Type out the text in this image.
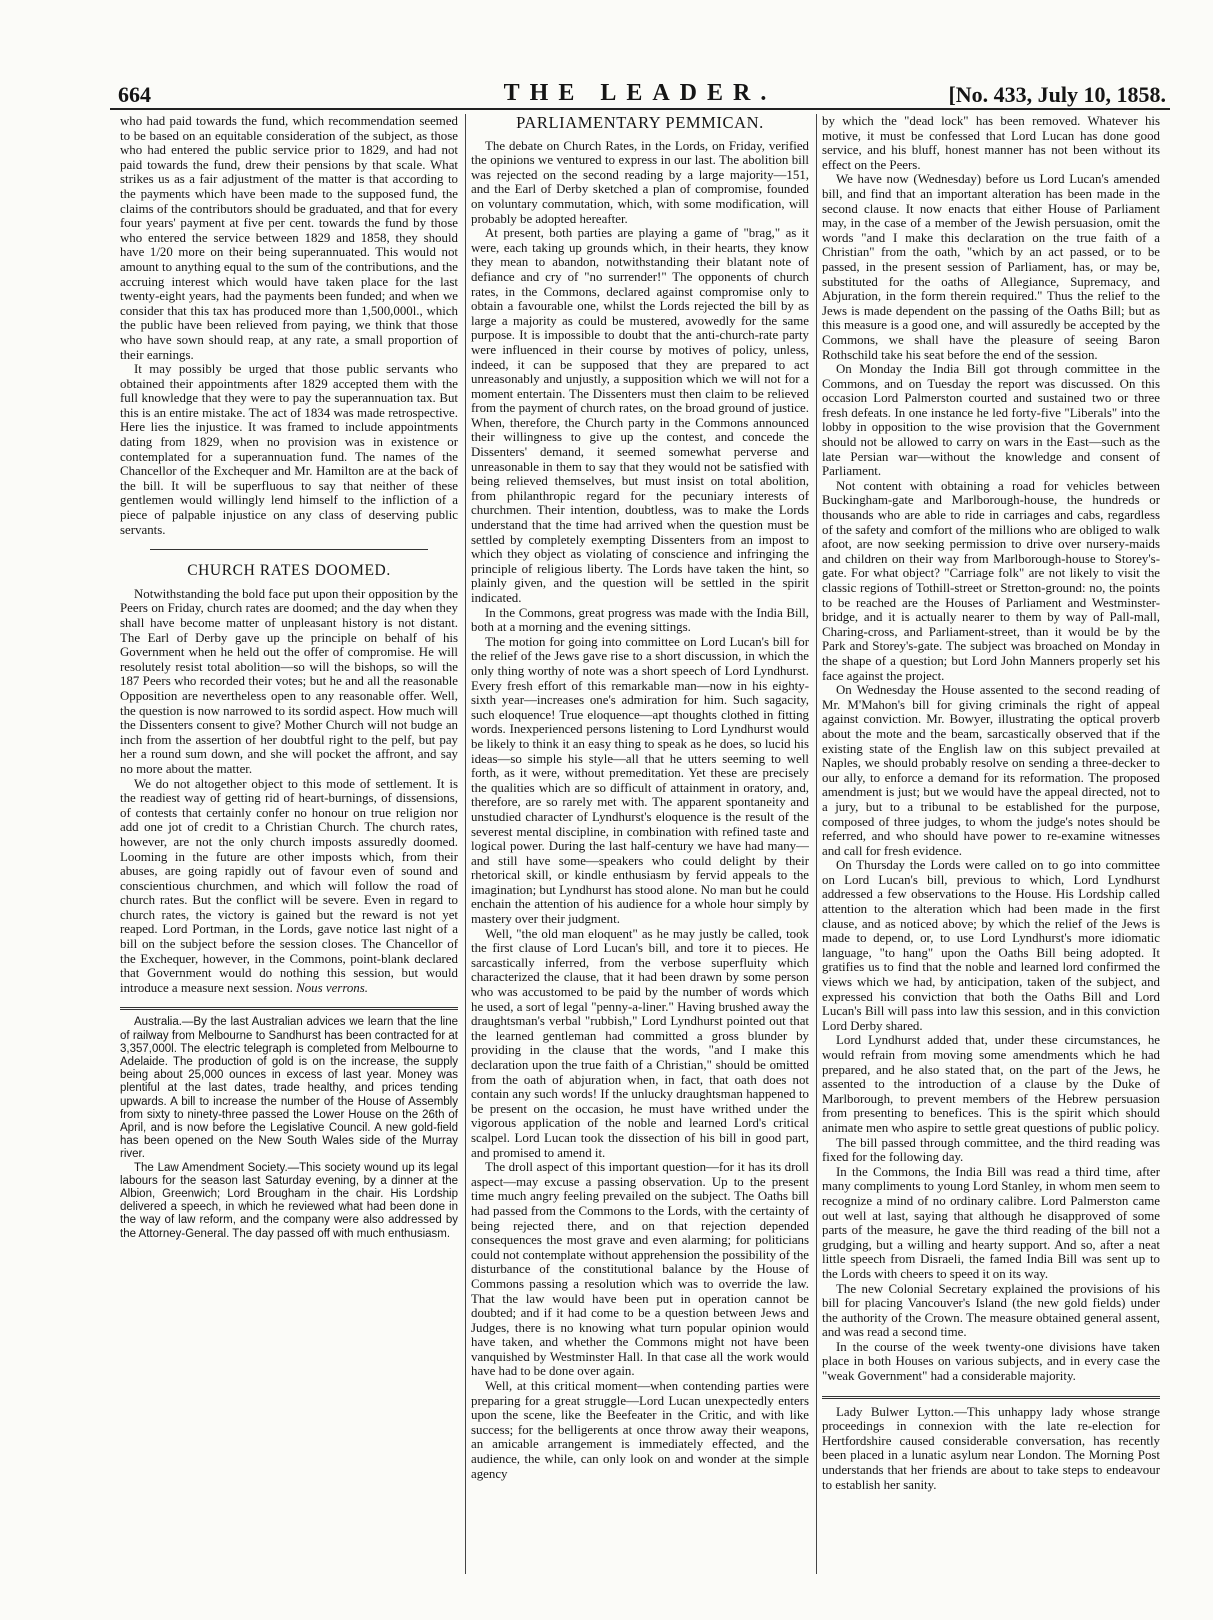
664	THE LEADER.	[No. 433, July 10, 1858.

who had paid towards the fund, which recommendation seemed to be based on an equitable consideration of the subject, as those who had entered the public service prior to 1829, and had not paid towards the fund, drew their pensions by that scale. What strikes us as a fair adjustment of the matter is that according to the payments which have been made to the supposed fund, the claims of the contributors should be graduated, and that for every four years' payment at five per cent. towards the fund by those who entered the service between 1829 and 1858, they should have 1/20 more on their being superannuated. This would not amount to anything equal to the sum of the contributions, and the accruing interest which would have taken place for the last twenty-eight years, had the payments been funded; and when we consider that this tax has produced more than 1,500,000l., which the public have been relieved from paying, we think that those who have sown should reap, at any rate, a small proportion of their earnings.

It may possibly be urged that those public servants who obtained their appointments after 1829 accepted them with the full knowledge that they were to pay the superannuation tax. But this is an entire mistake. The act of 1834 was made retrospective. Here lies the injustice. It was framed to include appointments dating from 1829, when no provision was in existence or contemplated for a superannuation fund. The names of the Chancellor of the Exchequer and Mr. Hamilton are at the back of the bill. It will be superfluous to say that neither of these gentlemen would willingly lend himself to the infliction of a piece of palpable injustice on any class of deserving public servants.

CHURCH RATES DOOMED.

Notwithstanding the bold face put upon their opposition by the Peers on Friday, church rates are doomed; and the day when they shall have become matter of unpleasant history is not distant. The Earl of Derby gave up the principle on behalf of his Government when he held out the offer of compromise. He will resolutely resist total abolition—so will the bishops, so will the 187 Peers who recorded their votes; but he and all the reasonable Opposition are nevertheless open to any reasonable offer. Well, the question is now narrowed to its sordid aspect. How much will the Dissenters consent to give? Mother Church will not budge an inch from the assertion of her doubtful right to the pelf, but pay her a round sum down, and she will pocket the affront, and say no more about the matter.

We do not altogether object to this mode of settlement. It is the readiest way of getting rid of heart-burnings, of dissensions, of contests that certainly confer no honour on true religion nor add one jot of credit to a Christian Church. The church rates, however, are not the only church imposts assuredly doomed. Looming in the future are other imposts which, from their abuses, are going rapidly out of favour even of sound and conscientious churchmen, and which will follow the road of church rates. But the conflict will be severe. Even in regard to church rates, the victory is gained but the reward is not yet reaped. Lord Portman, in the Lords, gave notice last night of a bill on the subject before the session closes. The Chancellor of the Exchequer, however, in the Commons, point-blank declared that Government would do nothing this session, but would introduce a measure next session. Nous verrons.

Australia.—By the last Australian advices we learn that the line of railway from Melbourne to Sandhurst has been contracted for at 3,357,000l. The electric telegraph is completed from Melbourne to Adelaide. The production of gold is on the increase, the supply being about 25,000 ounces in excess of last year. Money was plentiful at the last dates, trade healthy, and prices tending upwards. A bill to increase the number of the House of Assembly from sixty to ninety-three passed the Lower House on the 26th of April, and is now before the Legislative Council. A new gold-field has been opened on the New South Wales side of the Murray river.

The Law Amendment Society.—This society wound up its legal labours for the season last Saturday evening, by a dinner at the Albion, Greenwich; Lord Brougham in the chair. His Lordship delivered a speech, in which he reviewed what had been done in the way of law reform, and the company were also addressed by the Attorney-General. The day passed off with much enthusiasm.

PARLIAMENTARY PEMMICAN.

The debate on Church Rates, in the Lords, on Friday, verified the opinions we ventured to express in our last. The abolition bill was rejected on the second reading by a large majority—151, and the Earl of Derby sketched a plan of compromise, founded on voluntary commutation, which, with some modification, will probably be adopted hereafter.

At present, both parties are playing a game of "brag," as it were, each taking up grounds which, in their hearts, they know they mean to abandon, notwithstanding their blatant note of defiance and cry of "no surrender!" The opponents of church rates, in the Commons, declared against compromise only to obtain a favourable one, whilst the Lords rejected the bill by as large a majority as could be mustered, avowedly for the same purpose. It is impossible to doubt that the anti-church-rate party were influenced in their course by motives of policy, unless, indeed, it can be supposed that they are prepared to act unreasonably and unjustly, a supposition which we will not for a moment entertain. The Dissenters must then claim to be relieved from the payment of church rates, on the broad ground of justice. When, therefore, the Church party in the Commons announced their willingness to give up the contest, and concede the Dissenters' demand, it seemed somewhat perverse and unreasonable in them to say that they would not be satisfied with being relieved themselves, but must insist on total abolition, from philanthropic regard for the pecuniary interests of churchmen. Their intention, doubtless, was to make the Lords understand that the time had arrived when the question must be settled by completely exempting Dissenters from an impost to which they object as violating of conscience and infringing the principle of religious liberty. The Lords have taken the hint, so plainly given, and the question will be settled in the spirit indicated.

In the Commons, great progress was made with the India Bill, both at a morning and the evening sittings.

The motion for going into committee on Lord Lucan's bill for the relief of the Jews gave rise to a short discussion, in which the only thing worthy of note was a short speech of Lord Lyndhurst. Every fresh effort of this remarkable man—now in his eighty-sixth year—increases one's admiration for him. Such sagacity, such eloquence! True eloquence—apt thoughts clothed in fitting words. Inexperienced persons listening to Lord Lyndhurst would be likely to think it an easy thing to speak as he does, so lucid his ideas—so simple his style—all that he utters seeming to well forth, as it were, without premeditation. Yet these are precisely the qualities which are so difficult of attainment in oratory, and, therefore, are so rarely met with. The apparent spontaneity and unstudied character of Lyndhurst's eloquence is the result of the severest mental discipline, in combination with refined taste and logical power. During the last half-century we have had many—and still have some—speakers who could delight by their rhetorical skill, or kindle enthusiasm by fervid appeals to the imagination; but Lyndhurst has stood alone. No man but he could enchain the attention of his audience for a whole hour simply by mastery over their judgment.

Well, "the old man eloquent" as he may justly be called, took the first clause of Lord Lucan's bill, and tore it to pieces. He sarcastically inferred, from the verbose superfluity which characterized the clause, that it had been drawn by some person who was accustomed to be paid by the number of words which he used, a sort of legal "penny-a-liner." Having brushed away the draughtsman's verbal "rubbish," Lord Lyndhurst pointed out that the learned gentleman had committed a gross blunder by providing in the clause that the words, "and I make this declaration upon the true faith of a Christian," should be omitted from the oath of abjuration when, in fact, that oath does not contain any such words! If the unlucky draughtsman happened to be present on the occasion, he must have writhed under the vigorous application of the noble and learned Lord's critical scalpel. Lord Lucan took the dissection of his bill in good part, and promised to amend it.

The droll aspect of this important question—for it has its droll aspect—may excuse a passing observation. Up to the present time much angry feeling prevailed on the subject. The Oaths bill had passed from the Commons to the Lords, with the certainty of being rejected there, and on that rejection depended consequences the most grave and even alarming; for politicians could not contemplate without apprehension the possibility of the disturbance of the constitutional balance by the House of Commons passing a resolution which was to override the law. That the law would have been put in operation cannot be doubted; and if it had come to be a question between Jews and Judges, there is no knowing what turn popular opinion would have taken, and whether the Commons might not have been vanquished by Westminster Hall. In that case all the work would have had to be done over again.

Well, at this critical moment—when contending parties were preparing for a great struggle—Lord Lucan unexpectedly enters upon the scene, like the Beefeater in the Critic, and with like success; for the belligerents at once throw away their weapons, an amicable arrangement is immediately effected, and the audience, the while, can only look on and wonder at the simple agency

by which the "dead lock" has been removed. Whatever his motive, it must be confessed that Lord Lucan has done good service, and his bluff, honest manner has not been without its effect on the Peers.

We have now (Wednesday) before us Lord Lucan's amended bill, and find that an important alteration has been made in the second clause. It now enacts that either House of Parliament may, in the case of a member of the Jewish persuasion, omit the words "and I make this declaration on the true faith of a Christian" from the oath, "which by an act passed, or to be passed, in the present session of Parliament, has, or may be, substituted for the oaths of Allegiance, Supremacy, and Abjuration, in the form therein required." Thus the relief to the Jews is made dependent on the passing of the Oaths Bill; but as this measure is a good one, and will assuredly be accepted by the Commons, we shall have the pleasure of seeing Baron Rothschild take his seat before the end of the session.

On Monday the India Bill got through committee in the Commons, and on Tuesday the report was discussed. On this occasion Lord Palmerston courted and sustained two or three fresh defeats. In one instance he led forty-five "Liberals" into the lobby in opposition to the wise provision that the Government should not be allowed to carry on wars in the East—such as the late Persian war—without the knowledge and consent of Parliament.

Not content with obtaining a road for vehicles between Buckingham-gate and Marlborough-house, the hundreds or thousands who are able to ride in carriages and cabs, regardless of the safety and comfort of the millions who are obliged to walk afoot, are now seeking permission to drive over nursery-maids and children on their way from Marlborough-house to Storey's-gate. For what object? "Carriage folk" are not likely to visit the classic regions of Tothill-street or Stretton-ground: no, the points to be reached are the Houses of Parliament and Westminster-bridge, and it is actually nearer to them by way of Pall-mall, Charing-cross, and Parliament-street, than it would be by the Park and Storey's-gate. The subject was broached on Monday in the shape of a question; but Lord John Manners properly set his face against the project.

On Wednesday the House assented to the second reading of Mr. M'Mahon's bill for giving criminals the right of appeal against conviction. Mr. Bowyer, illustrating the optical proverb about the mote and the beam, sarcastically observed that if the existing state of the English law on this subject prevailed at Naples, we should probably resolve on sending a three-decker to our ally, to enforce a demand for its reformation. The proposed amendment is just; but we would have the appeal directed, not to a jury, but to a tribunal to be established for the purpose, composed of three judges, to whom the judge's notes should be referred, and who should have power to re-examine witnesses and call for fresh evidence.

On Thursday the Lords were called on to go into committee on Lord Lucan's bill, previous to which, Lord Lyndhurst addressed a few observations to the House. His Lordship called attention to the alteration which had been made in the first clause, and as noticed above; by which the relief of the Jews is made to depend, or, to use Lord Lyndhurst's more idiomatic language, "to hang" upon the Oaths Bill being adopted. It gratifies us to find that the noble and learned lord confirmed the views which we had, by anticipation, taken of the subject, and expressed his conviction that both the Oaths Bill and Lord Lucan's Bill will pass into law this session, and in this conviction Lord Derby shared.

Lord Lyndhurst added that, under these circumstances, he would refrain from moving some amendments which he had prepared, and he also stated that, on the part of the Jews, he assented to the introduction of a clause by the Duke of Marlborough, to prevent members of the Hebrew persuasion from presenting to benefices. This is the spirit which should animate men who aspire to settle great questions of public policy.

The bill passed through committee, and the third reading was fixed for the following day.

In the Commons, the India Bill was read a third time, after many compliments to young Lord Stanley, in whom men seem to recognize a mind of no ordinary calibre. Lord Palmerston came out well at last, saying that although he disapproved of some parts of the measure, he gave the third reading of the bill not a grudging, but a willing and hearty support. And so, after a neat little speech from Disraeli, the famed India Bill was sent up to the Lords with cheers to speed it on its way.

The new Colonial Secretary explained the provisions of his bill for placing Vancouver's Island (the new gold fields) under the authority of the Crown. The measure obtained general assent, and was read a second time.

In the course of the week twenty-one divisions have taken place in both Houses on various subjects, and in every case the "weak Government" had a considerable majority.

Lady Bulwer Lytton.—This unhappy lady whose strange proceedings in connexion with the late re-election for Hertfordshire caused considerable conversation, has recently been placed in a lunatic asylum near London. The Morning Post understands that her friends are about to take steps to endeavour to establish her sanity.
